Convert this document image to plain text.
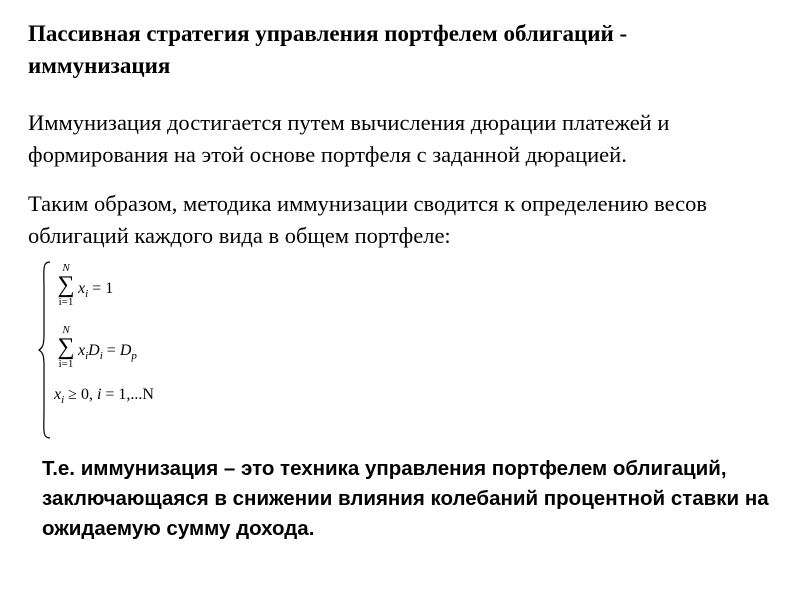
Пассивная стратегия управления портфелем облигаций - иммунизация
Иммунизация достигается путем вычисления дюрации платежей и формирования на этой основе портфеля с заданной дюрацией.
Таким образом, методика иммунизации сводится к определению весов облигаций каждого вида в общем портфеле:
N
∑
i=1
$x_i = 1$
N
∑
i=1
$x_iD_i = D_p$
$x_i \ge 0$, i = 1,...N
Т.е. иммунизация – это техника управления портфелем облигаций, заключающаяся в снижении влияния колебаний процентной ставки на ожидаемую сумму дохода.
